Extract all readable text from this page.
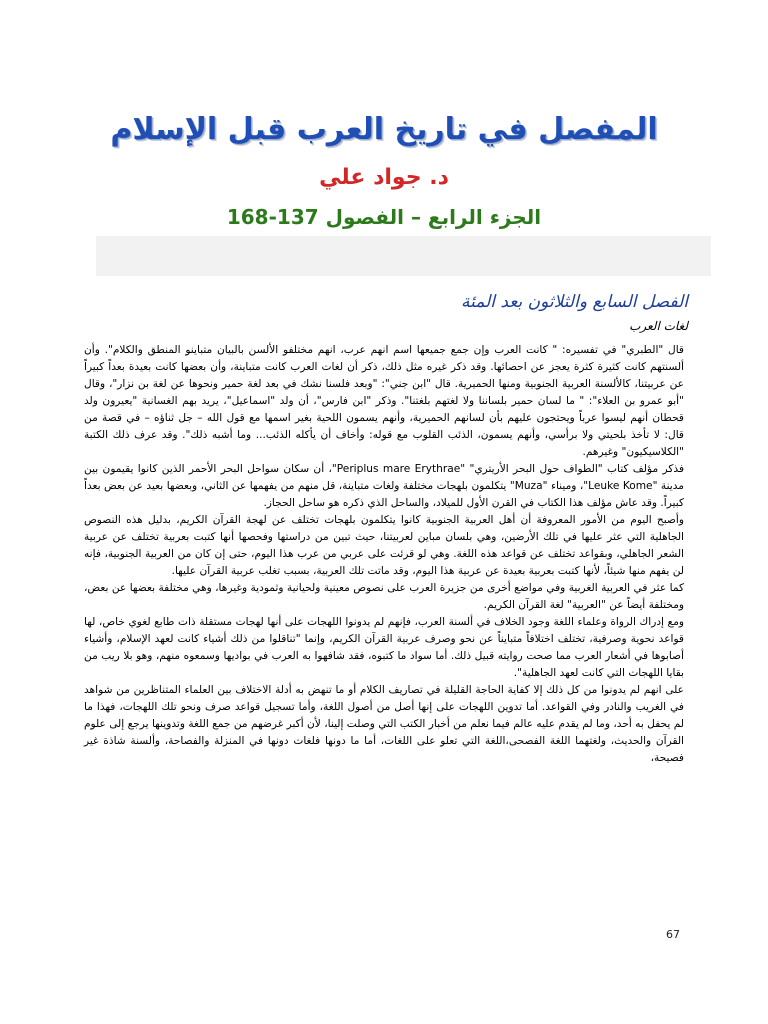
المفصل في تاريخ العرب قبل الإسلام
د. جواد علي
الجزء الرابع – الفصول 137-168
الفصل السابع والثلاثون بعد المئة
لغات العرب

قال "الطبري" في تفسيره: " كانت العرب وإن جمع جميعها اسم انهم عرب، انهم مختلفو الألسن بالبيان متباينو المنطق والكلام". وأن ألسنتهم كانت كثيرة كثرة يعجز عن احصائها. وقد ذكر غيره مثل ذلك، ذكر أن لغات العرب كانت متباينة، وأن بعضها كانت بعيدة بعداً كبيراً عن عربيتنا، كالألسنة العربية الجنوبية ومنها الحميرية. قال "ابن جني": "وبعد فلسنا نشك في بعد لغة حمير ونحوها عن لغة بن نزار"، وقال "أبو عمرو بن العلاء": " ما لسان حمير بلساننا ولا لغتهم بلغتنا". وذكر "ابن فارس"، أن ولد "اسماعيل"، يريد بهم الغسانية "يعيرون ولد قحطان أنهم ليسوا عرباً ويحتجون عليهم بأن لسانهم الحميرية، وأنهم يسمون اللحية بغير اسمها مع قول الله – جل ثناؤه – في قصة من قال: لا تأخذ بلحيتي ولا برأسي، وأنهم يسمون، الذئب القلوب مع قوله: وأخاف أن يأكله الذئب... وما أشبه ذلك". وقد عرف ذلك الكتبة "الكلاسيكيون" وغيرهم.

فذكر مؤلف كتاب "الطواف حول البحر الأريتري" "Periplus mare Erythrae"، أن سكان سواحل البحر الأحمر الذين كانوا يقيمون بين مدينة "Leuke Kome"، وميناء "Muza" يتكلمون بلهجات مختلفة ولغات متباينة، قل منهم من يفهمها عن الثاني، وبعضها بعيد عن بعض بعداً كبيراً. وقد عاش مؤلف هذا الكتاب في القرن الأول للميلاد، والساحل الذي ذكره هو ساحل الحجاز.

وأصبح اليوم من الأمور المعروفة أن أهل العربية الجنوبية كانوا يتكلمون بلهجات تختلف عن لهجة القرآن الكريم، بدليل هذه النصوص الجاهلية التي عثر عليها في تلك الأرضين، وهي بلسان مباين لعربيتنا، حيث تبين من دراستها وفحصها أنها كتبت بعربية تختلف عن عربية الشعر الجاهلي، وبقواعد تختلف عن قواعد هذه اللغة. وهي لو قرئت على عربي من عرب هذا اليوم، حتى إن كان من العربية الجنوبية، فإنه لن يفهم منها شيئاً، لأنها كتبت بعربية بعيدة عن عربية هذا اليوم، وقد ماتت تلك العربية، بسبب تغلب عربية القرآن عليها.

كما عثر في العربية الغربية وفي مواضع أخرى من جزيرة العرب على نصوص معينية ولحيانية وثمودية وغيرها، وهي مختلفة بعضها عن بعض، ومختلفة أيضاً عن "العربية" لغة القرآن الكريم.

ومع إدراك الرواة وعلماء اللغة وجود الخلاف في ألسنة العرب، فإنهم لم يدونوا اللهجات على أنها لهجات مستقلة ذات طابع لغوي خاص، لها قواعد نحوية وصرفية، تختلف اختلافاً متبايناً عن نحو وصرف عربية القرآن الكريم، وإنما "تناقلوا من ذلك أشياء كانت لعهد الإسلام، وأشياء أصابوها في أشعار العرب مما صحت روايته قبيل ذلك. أما سواد ما كتبوه، فقد شافهوا به العرب في بواديها وسمعوه منهم، وهو بلا ريب من بقايا اللهجات التي كانت لعهد الجاهلية".

على انهم لم يدونوا من كل ذلك إلا كفاية الحاجة القليلة في تصاريف الكلام أو ما تنهض به أدلة الاختلاف بين العلماء المتناظرين من شواهد في الغريب والنادر وفي القواعد. أما تدوين اللهجات على إنها أصل من أصول اللغة، وأما تسجيل قواعد صرف ونحو تلك اللهجات، فهذا ما لم يحفل به أحد، وما لم يقدم عليه عالم فيما نعلم من أخبار الكتب التي وصلت إلينا، لأن أكبر غرضهم من جمع اللغة وتدوينها يرجع إلى علوم القرآن والحديث، ولغتهما اللغة الفصحى،اللغة التي تعلو على اللغات، أما ما دونها فلغات دونها في المنزلة والفصاحة، وألسنة شاذة غير فصيحة،

67
